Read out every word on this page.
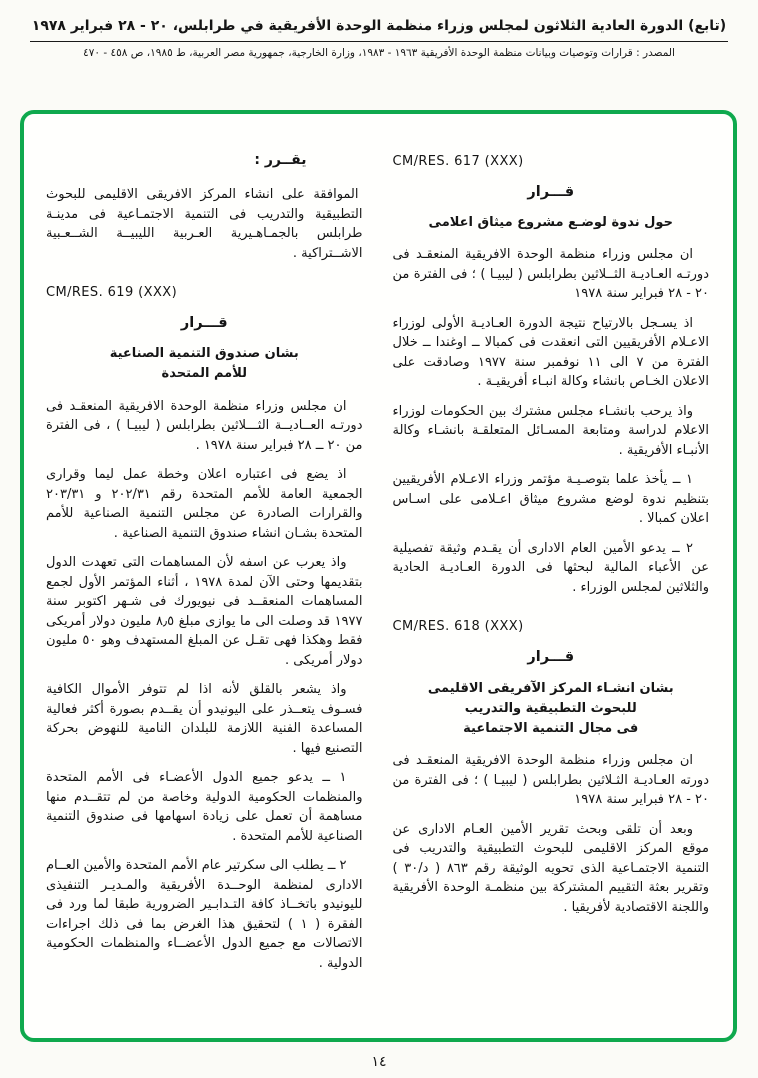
(تابع) الدورة العادية الثلاثون لمجلس وزراء منظمة الوحدة الأفريقية في طرابلس، ٢٠ - ٢٨ فبراير ١٩٧٨
المصدر : قرارات وتوصيات وبيانات منظمة الوحدة الأفريقية ١٩٦٣ - ١٩٨٣، وزارة الخارجية، جمهورية مصر العربية، ط ١٩٨٥، ص ٤٥٨ - ٤٧٠
CM/RES. 617 (XXX)
قـــرار
حول ندوة لوضـع مشروع ميثاق اعلامى

ان مجلس وزراء منظمة الوحدة الافريقية المنعقـد فى دورتـه العـاديـة الثــلاثين بطرابلس ( ليبيـا ) ؛ فى الفترة من ٢٠ - ٢٨ فبراير سنة ١٩٧٨

اذ يسـجل بالارتياح نتيجة الدورة العـاديـة الأولى لوزراء الاعـلام الأفريقيين التى انعقدت فى كمبالا ــ اوغندا ــ خلال الفترة من ٧ الى ١١ نوفمبر سنة ١٩٧٧ وصادقت على الاعلان الخـاص بانشاء وكالة انبـاء أفريقيـة .

واذ يرحب بانشـاء مجلس مشترك بين الحكومات لوزراء الاعلام لدراسة ومتابعة المسـائل المتعلقـة بانشـاء وكالة الأنبـاء الأفريقية .

١ ــ يأخذ علما بتوصـيـة مؤتمر وزراء الاعـلام الأفريقيين بتنظيم ندوة لوضع مشروع ميثاق اعـلامى على اسـاس اعلان كمبالا .

٢ ــ يدعو الأمين العام الادارى أن يقـدم وثيقة تفصيلية عن الأعباء المالية لبحثها فى الدورة العـاديـة الحادية والثلاثين لمجلس الوزراء .

CM/RES. 618 (XXX)
قـــرار
بشان انشـاء المركز الآفريقى الاقليمى
للبحوث التطبيقية والتدريب
فى مجال التنمية الاجتماعية

ان مجلس وزراء منظمة الوحدة الافريقية المنعقـد فى دورته العـاديـة الثـلاثين بطرابلس ( ليبيـا ) ؛ فى الفترة من ٢٠ - ٢٨ فبراير سنة ١٩٧٨

وبعد أن تلقى وبحث تقرير الأمين العـام الادارى عن موقع المركز الاقليمى للبحوث التطبيقية والتدريب فى التنمية الاجتمـاعية الذى تحويه الوثيقة رقم ٨٦٣ ( د/٣٠ ) وتقرير بعثة التقييم المشتركة بين منظمـة الوحدة الأفريقية واللجنة الاقتصادية لأفريقيا .

يقــرر :

الموافقة على انشاء المركز الافريقى الاقليمى للبحوث التطبيقية والتدريب فى التنمية الاجتمـاعية فى مدينـة طرابلس بالجمـاهـيرية العـربية الليبيــة الشــعـبية الاشــتراكية .

CM/RES. 619 (XXX)
قـــرار
بشان صندوق التنمية الصناعية
للأمم المتحدة

ان مجلس وزراء منظمة الوحدة الافريقية المنعقـد فى دورتـه العــاديــة الثـــلاثين بطرابلس ( ليبيـا ) ، فى الفترة من ٢٠ ــ ٢٨ فبراير سنة ١٩٧٨ .

اذ يضع فى اعتباره اعلان وخطة عمل ليما وقرارى الجمعية العامة للأمم المتحدة رقم ٢٠٢/٣١ و ٢٠٣/٣١ والقرارات الصادرة عن مجلس التنمية الصناعية للأمم المتحدة بشـان انشاء صندوق التنمية الصناعية .

واذ يعرب عن اسفه لأن المساهمات التى تعهدت الدول بتقديمها وحتى الآن لمدة ١٩٧٨ ، أثناء المؤتمر الأول لجمع المساهمات المنعقــد فى نيويورك فى شـهر اكتوبر سنة ١٩٧٧ قد وصلت الى ما يوازى مبلغ ٨٫٥ مليون دولار أمريكى فقط وهكذا فهى تقـل عن المبلغ المستهدف وهو ٥٠ مليون دولار أمريكى .

واذ يشعر بالقلق لأنه اذا لم تتوفر الأموال الكافية فسـوف يتعــذر على اليونيدو أن يقــدم بصورة أكثر فعالية المساعدة الفنية اللازمة للبلدان النامية للنهوض بحركة التصنيع فيها .

١ ــ يدعو جميع الدول الأعضـاء فى الأمم المتحدة والمنظمات الحكومية الدولية وخاصة من لم تتقــدم منها مساهمة أن تعمل على زيادة اسهامها فى صندوق التنمية الصناعية للأمم المتحدة .

٢ ــ يطلب الى سكرتير عام الأمم المتحدة والأمين العــام الادارى لمنظمة الوحــدة الأفريقية والمـديـر التنفيذى لليونيدو باتخــاذ كافة التـدابـير الضرورية طبقا لما ورد فى الفقرة ( ١ ) لتحقيق هذا الغرض بما فى ذلك اجراءات الاتصالات مع جميع الدول الأعضــاء والمنظمات الحكومية الدولية .

١٤
